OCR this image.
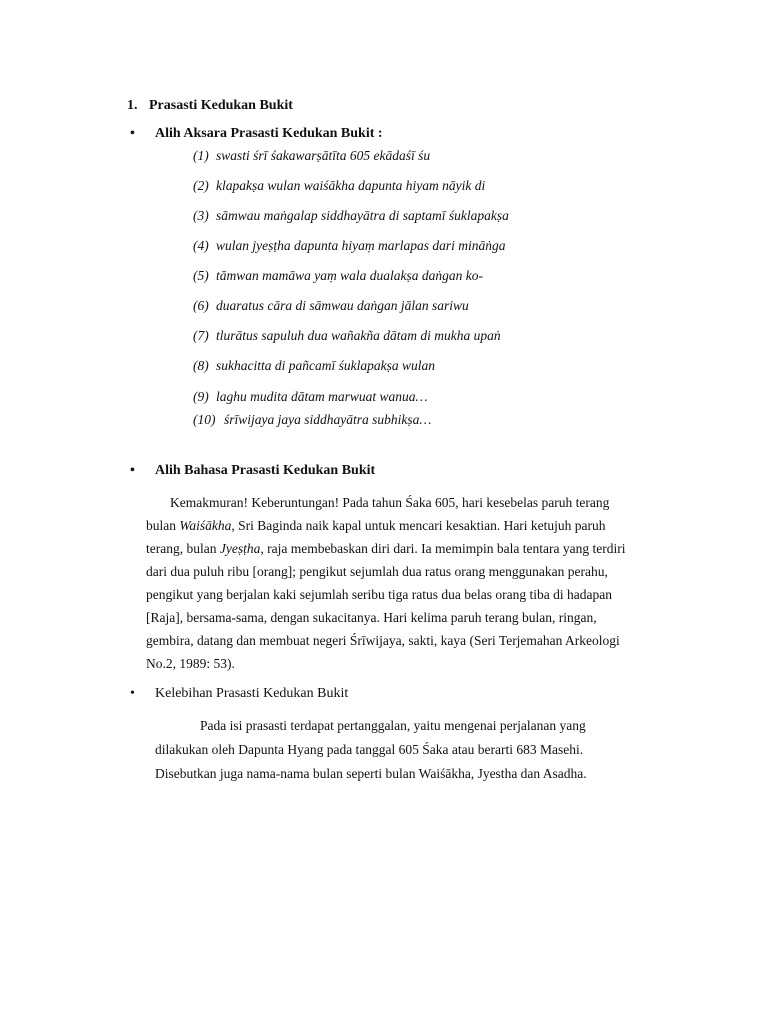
1. Prasasti Kedukan Bukit
• Alih Aksara Prasasti Kedukan Bukit :
(1) swasti śrī śakawarṣātīta 605 ekādaśī śu
(2) klapakṣa wulan waiśākha dapunta hiyam nāyik di
(3) sāmwau maṅgalap siddhayātra di saptamī śuklapakṣa
(4) wulan jyeṣṭha dapunta hiyaṃ marlapas dari mināṅga
(5) tāmwan mamāwa yaṃ wala dualakṣa daṅgan ko-
(6) duaratus cāra di sāmwau daṅgan jālan sariwu
(7) tlurātus sapuluh dua wañakña dātam di mukha upaṅ
(8) sukhacitta di pañcamī śuklapakṣa wulan
(9) laghu mudita dātam marwuat wanua…
(10) śrīwijaya jaya siddhayātra subhikṣa…
• Alih Bahasa Prasasti Kedukan Bukit
Kemakmuran! Keberuntungan! Pada tahun Śaka 605, hari kesebelas paruh terang
bulan Waiśākha, Sri Baginda naik kapal untuk mencari kesaktian. Hari ketujuh paruh
terang, bulan Jyeṣṭha, raja membebaskan diri dari. Ia memimpin bala tentara yang terdiri
dari dua puluh ribu [orang]; pengikut sejumlah dua ratus orang menggunakan perahu,
pengikut yang berjalan kaki sejumlah seribu tiga ratus dua belas orang tiba di hadapan
[Raja], bersama-sama, dengan sukacitanya. Hari kelima paruh terang bulan, ringan,
gembira, datang dan membuat negeri Śrīwijaya, sakti, kaya (Seri Terjemahan Arkeologi
No.2, 1989: 53).
• Kelebihan Prasasti Kedukan Bukit
Pada isi prasasti terdapat pertanggalan, yaitu mengenai perjalanan yang
dilakukan oleh Dapunta Hyang pada tanggal 605 Śaka atau berarti 683 Masehi.
Disebutkan juga nama-nama bulan seperti bulan Waiśākha, Jyestha dan Asadha.
